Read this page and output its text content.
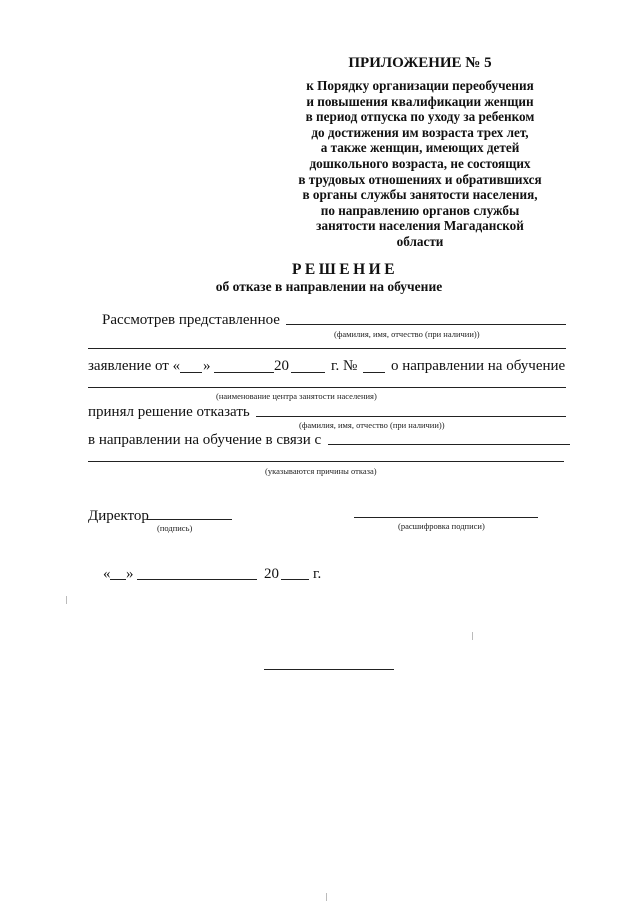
ПРИЛОЖЕНИЕ № 5
к Порядку организации переобучения
и повышения квалификации женщин
в период отпуска по уходу за ребенком
до достижения им возраста трех лет,
а также женщин, имеющих детей
дошкольного возраста, не состоящих
в трудовых отношениях и обратившихся
в органы службы занятости населения,
по направлению органов службы
занятости населения Магаданской
области
РЕШЕНИЕ
об отказе в направлении на обучение
Рассмотрев представленное
(фамилия, имя, отчество (при наличии))
заявление от « »	20	г. № о направлении на обучение
(наименование центра занятости населения)
принял решение отказать
(фамилия, имя, отчество (при наличии))
в направлении на обучение в связи с
(указываются причины отказа)
Директор
(подпись)	(расшифровка подписи)
« »	20 г.
